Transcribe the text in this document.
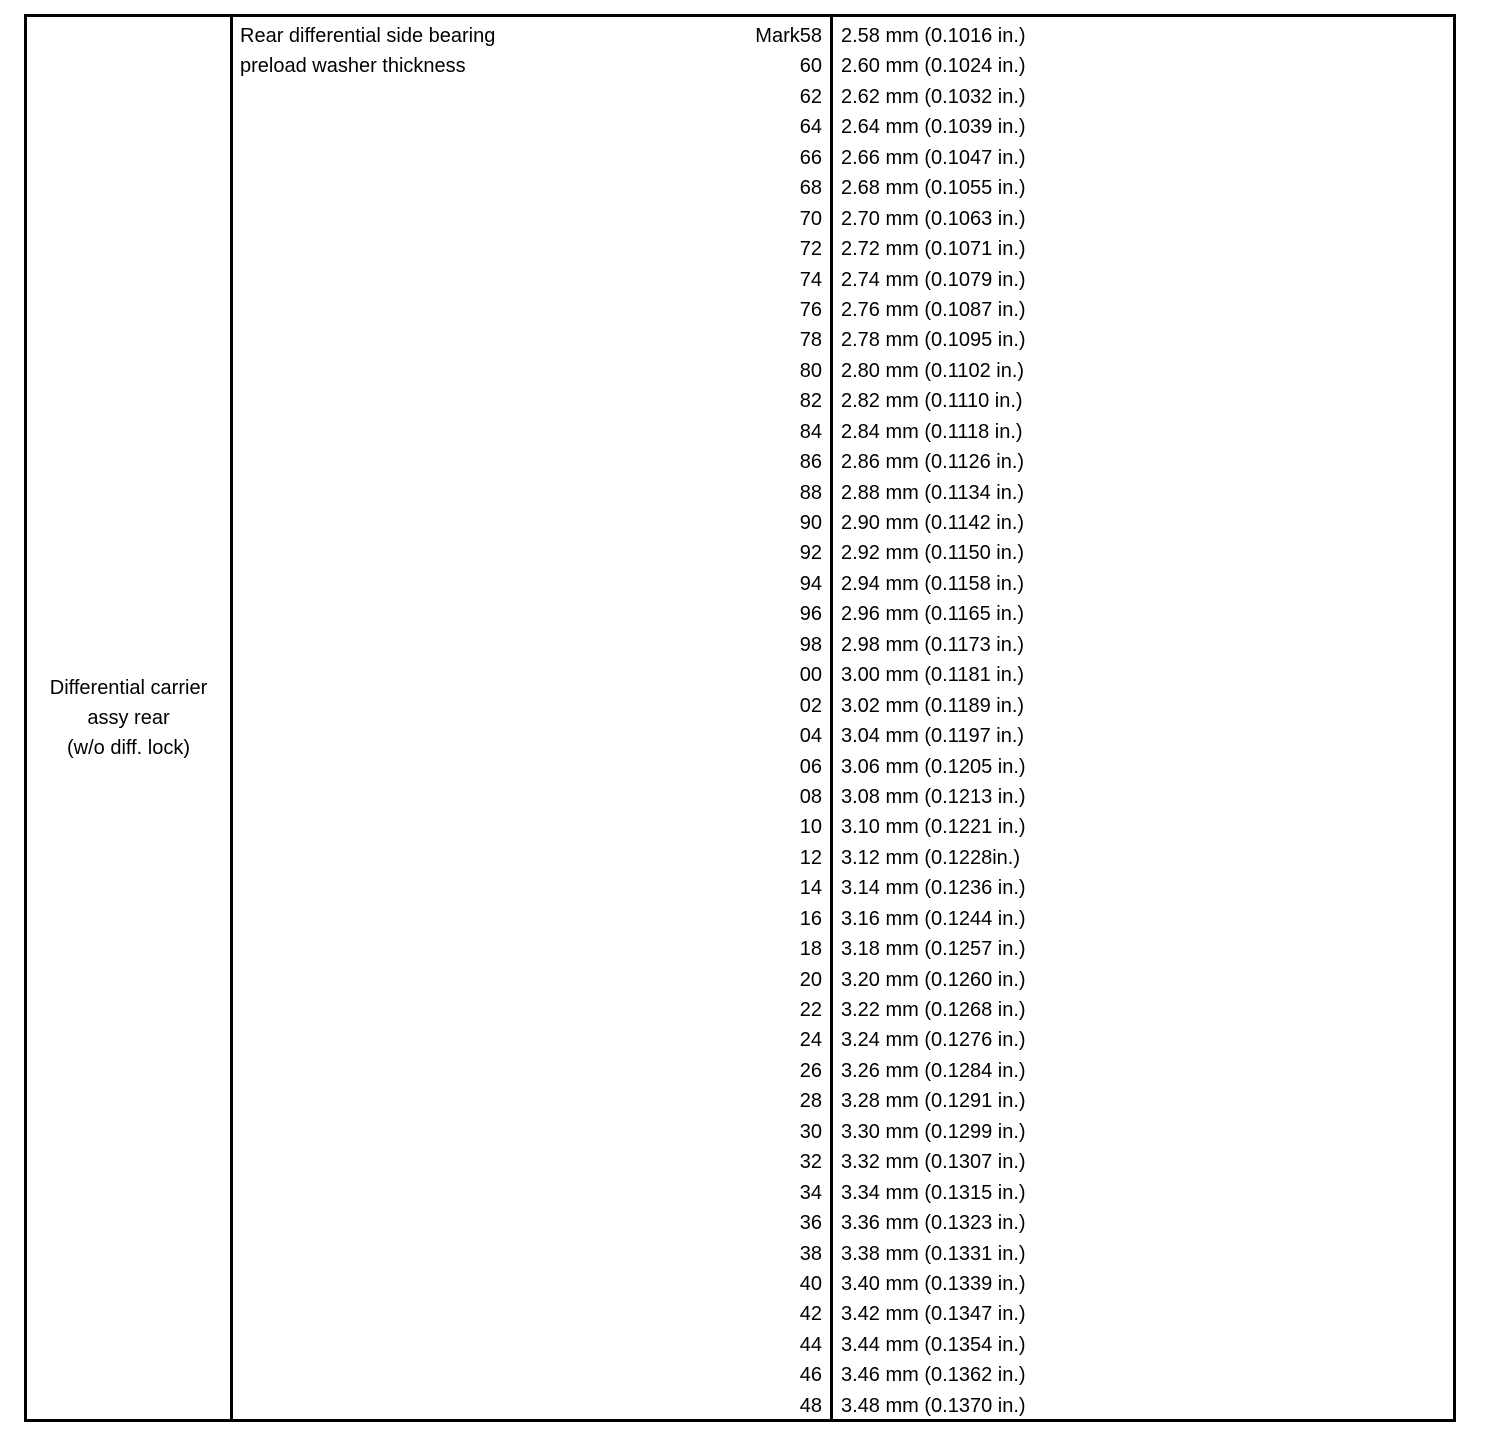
Differential carrier
assy rear
(w/o diff. lock)
Rear differential side bearing
preload washer thickness
Mark58 2.58 mm (0.1016 in.)
60 2.60 mm (0.1024 in.)
62 2.62 mm (0.1032 in.)
64 2.64 mm (0.1039 in.)
66 2.66 mm (0.1047 in.)
68 2.68 mm (0.1055 in.)
70 2.70 mm (0.1063 in.)
72 2.72 mm (0.1071 in.)
74 2.74 mm (0.1079 in.)
76 2.76 mm (0.1087 in.)
78 2.78 mm (0.1095 in.)
80 2.80 mm (0.1102 in.)
82 2.82 mm (0.1110 in.)
84 2.84 mm (0.1118 in.)
86 2.86 mm (0.1126 in.)
88 2.88 mm (0.1134 in.)
90 2.90 mm (0.1142 in.)
92 2.92 mm (0.1150 in.)
94 2.94 mm (0.1158 in.)
96 2.96 mm (0.1165 in.)
98 2.98 mm (0.1173 in.)
00 3.00 mm (0.1181 in.)
02 3.02 mm (0.1189 in.)
04 3.04 mm (0.1197 in.)
06 3.06 mm (0.1205 in.)
08 3.08 mm (0.1213 in.)
10 3.10 mm (0.1221 in.)
12 3.12 mm (0.1228in.)
14 3.14 mm (0.1236 in.)
16 3.16 mm (0.1244 in.)
18 3.18 mm (0.1257 in.)
20 3.20 mm (0.1260 in.)
22 3.22 mm (0.1268 in.)
24 3.24 mm (0.1276 in.)
26 3.26 mm (0.1284 in.)
28 3.28 mm (0.1291 in.)
30 3.30 mm (0.1299 in.)
32 3.32 mm (0.1307 in.)
34 3.34 mm (0.1315 in.)
36 3.36 mm (0.1323 in.)
38 3.38 mm (0.1331 in.)
40 3.40 mm (0.1339 in.)
42 3.42 mm (0.1347 in.)
44 3.44 mm (0.1354 in.)
46 3.46 mm (0.1362 in.)
48 3.48 mm (0.1370 in.)
